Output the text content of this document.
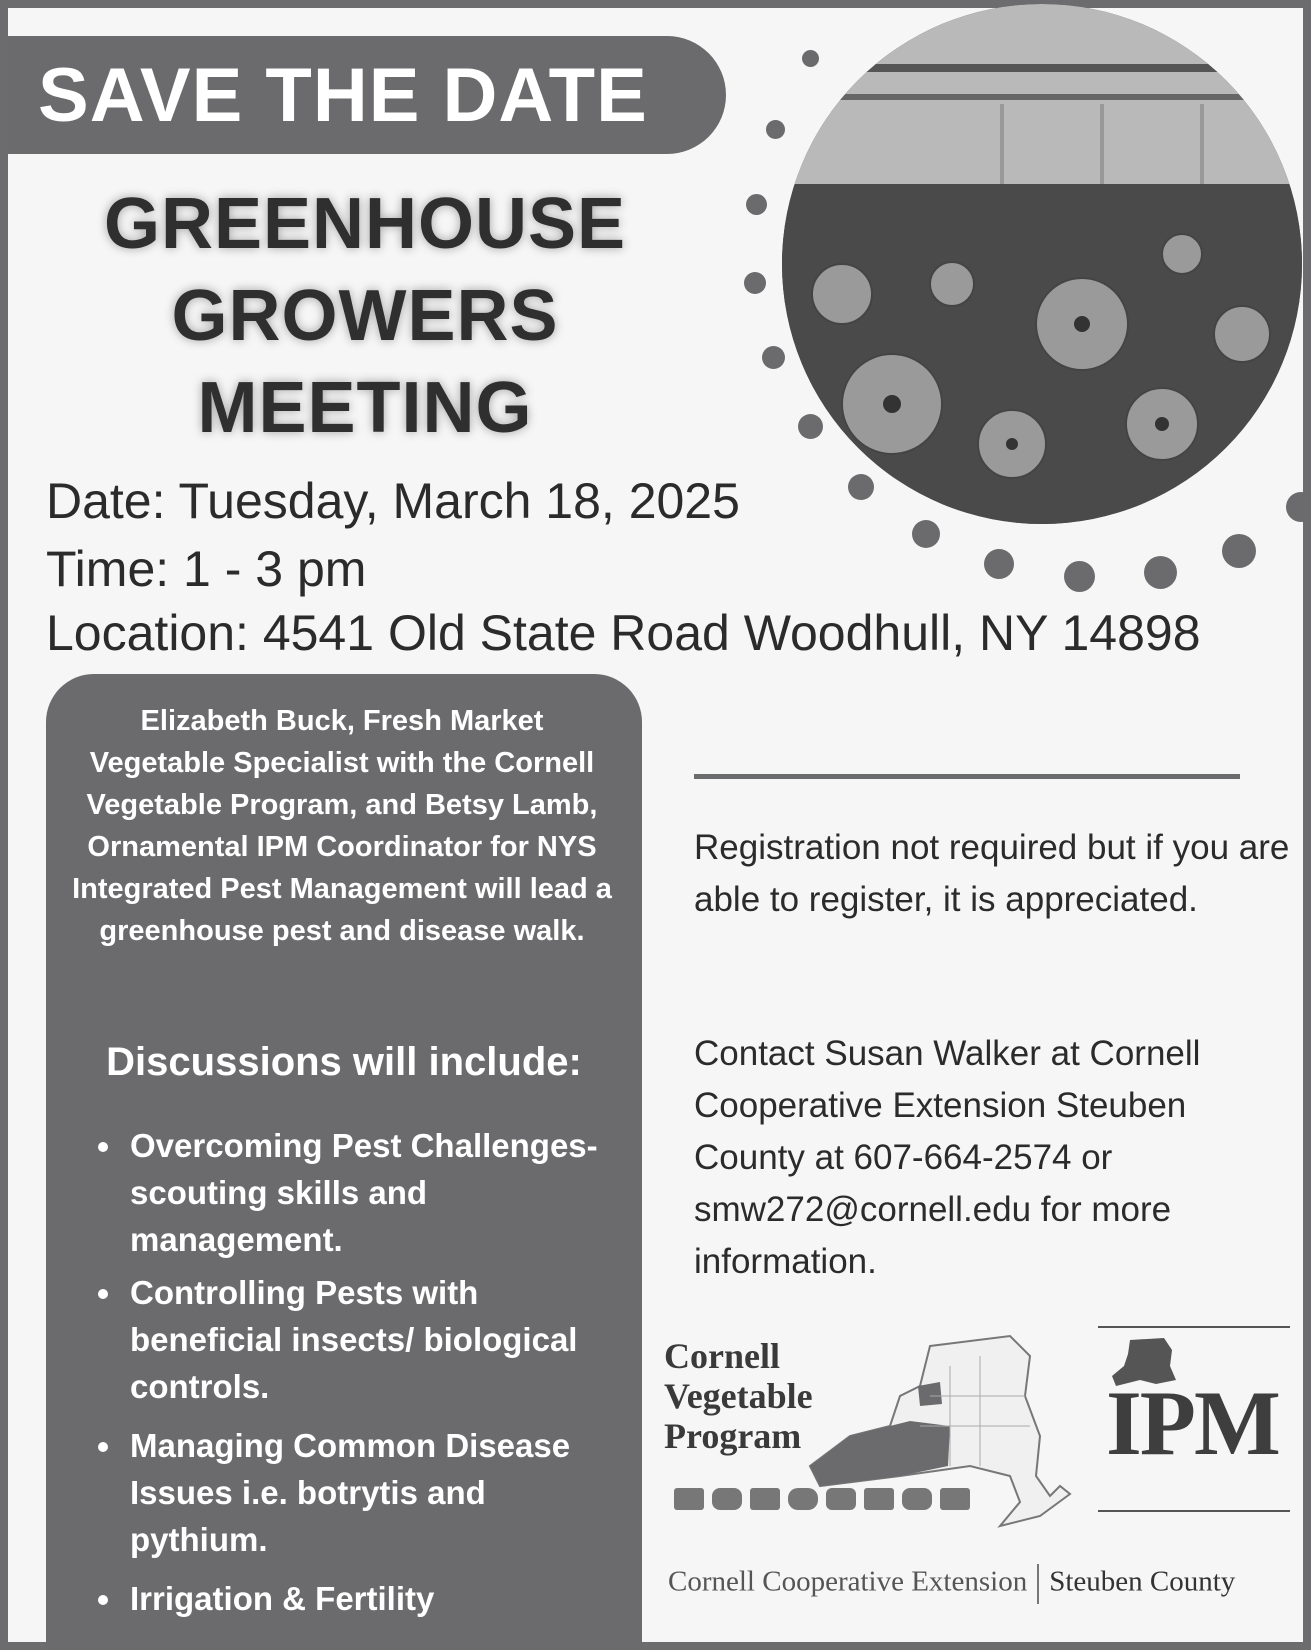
SAVE THE DATE
GREENHOUSE
GROWERS
MEETING
Date: Tuesday, March 18, 2025
Time: 1 - 3 pm
Location: 4541 Old State Road Woodhull, NY 14898
Elizabeth Buck, Fresh Market Vegetable Specialist with the Cornell Vegetable Program, and Betsy Lamb, Ornamental IPM Coordinator for NYS Integrated Pest Management will lead a greenhouse pest and disease walk.
Discussions will include:
Overcoming Pest Challenges- scouting skills and management.
Controlling Pests with beneficial insects/ biological controls.
Managing Common Disease Issues i.e. botrytis and pythium.
Irrigation & Fertility
Registration not required but if you are able to register, it is appreciated.
Contact Susan Walker at Cornell Cooperative Extension Steuben County at 607-664-2574 or smw272@cornell.edu for more information.
Cornell
Vegetable
Program	IPM
Cornell Cooperative Extension Steuben County
